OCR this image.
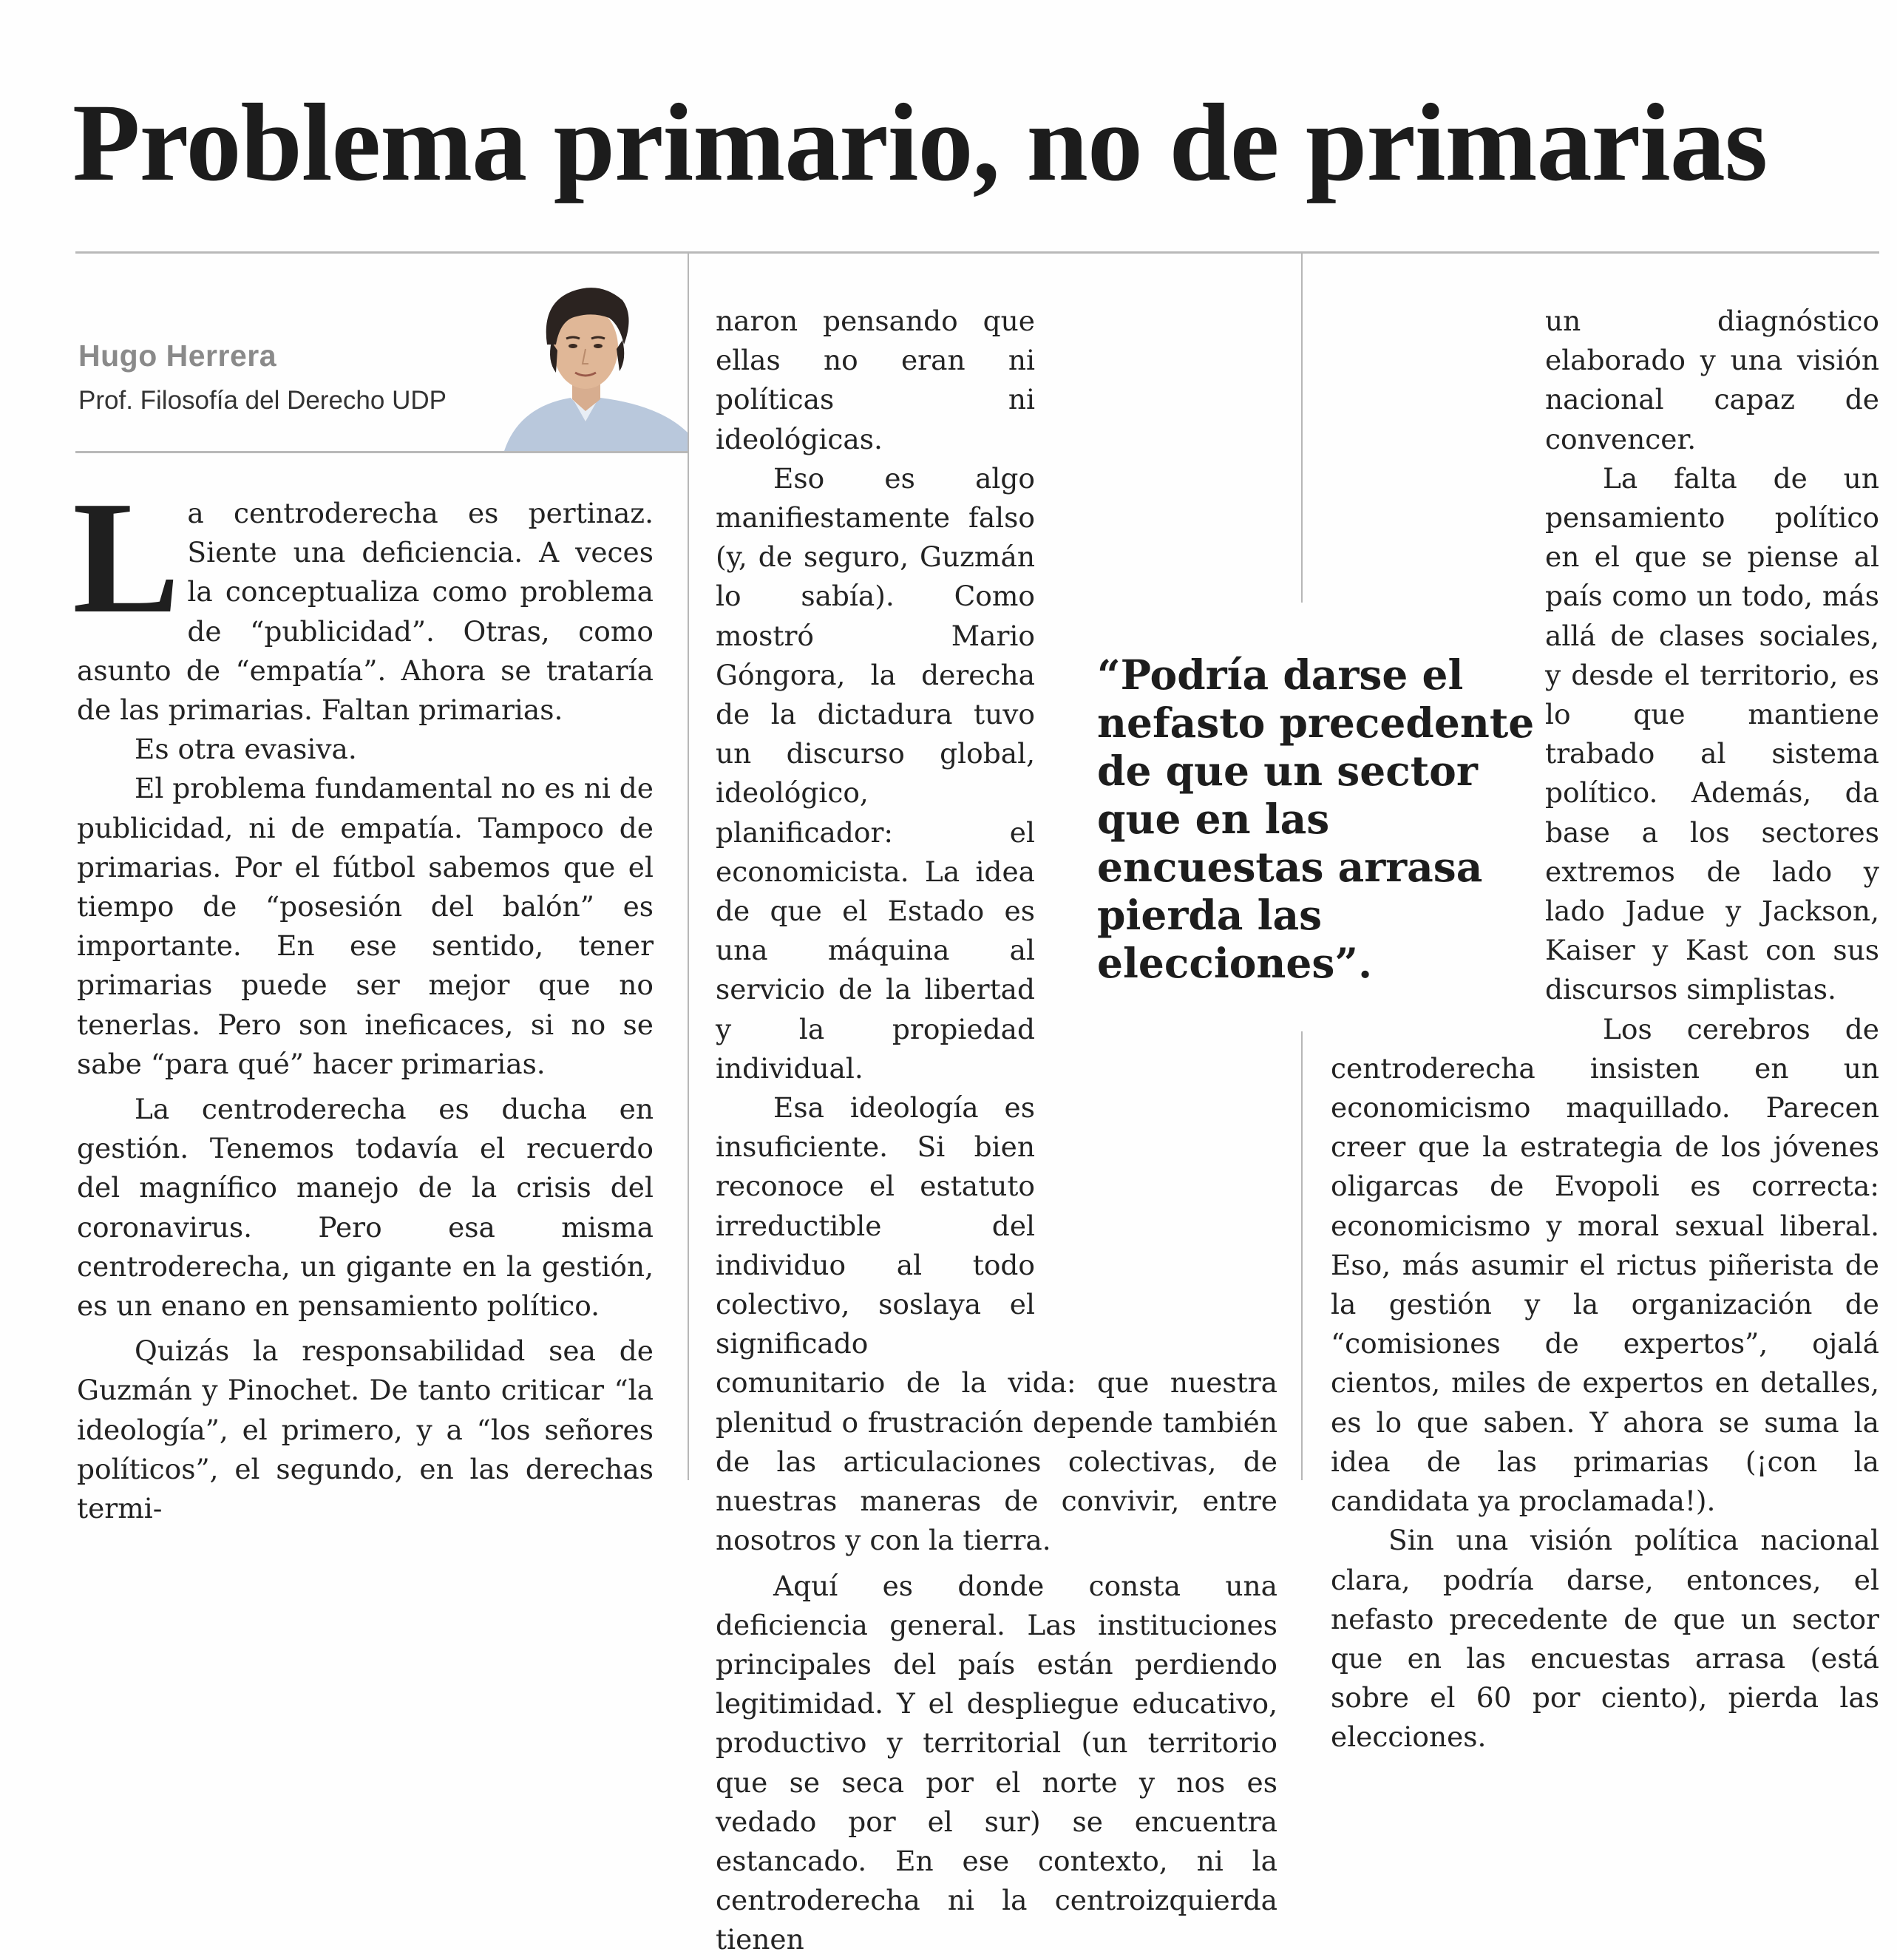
Problema primario, no de primarias
Hugo Herrera
Prof. Filosofía del Derecho UDP

La centroderecha es pertinaz. Siente una deficiencia. A veces la conceptualiza como problema de “publicidad”. Otras, como asunto de “empatía”. Ahora se trataría de las primarias. Faltan primarias.

Es otra evasiva.

El problema fundamental no es ni de publicidad, ni de empatía. Tampoco de primarias. Por el fútbol sabemos que el tiempo de “posesión del balón” es importante. En ese sentido, tener primarias puede ser mejor que no tenerlas. Pero son ineficaces, si no se sabe “para qué” hacer primarias.

La centroderecha es ducha en gestión. Tenemos todavía el recuerdo del magnífico manejo de la crisis del coronavirus. Pero esa misma centroderecha, un gigante en la gestión, es un enano en pensamiento político.

Quizás la responsabilidad sea de Guzmán y Pinochet. De tanto criticar “la ideología”, el primero, y a “los señores políticos”, el segundo, en las derechas termi-

naron pensando que ellas no eran ni políticas ni ideológicas.

Eso es algo manifiestamente falso (y, de seguro, Guzmán lo sabía). Como mostró Mario Góngora, la derecha de la dictadura tuvo un discurso global, ideológico, planificador: el economicista. La idea de que el Estado es una máquina al servicio de la libertad y la propiedad individual.

Esa ideología es insuficiente. Si bien reconoce el estatuto irreductible del individuo al todo colectivo, soslaya el significado comunitario de la vida: que nuestra plenitud o frustración depende también de las articulaciones colectivas, de nuestras maneras de convivir, entre nosotros y con la tierra.

Aquí es donde consta una deficiencia general. Las instituciones principales del país están perdiendo legitimidad. Y el despliegue educativo, productivo y territorial (un territorio que se seca por el norte y nos es vedado por el sur) se encuentra estancado. En ese contexto, ni la centroderecha ni la centroizquierda tienen

un diagnóstico elaborado y una visión nacional capaz de convencer.

La falta de un pensamiento político en el que se piense al país como un todo, más allá de clases sociales, y desde el territorio, es lo que mantiene trabado al sistema político. Además, da base a los sectores extremos de lado y lado Jadue y Jackson, Kaiser y Kast con sus discursos simplistas.

Los cerebros de centroderecha insisten en un economicismo maquillado. Parecen creer que la estrategia de los jóvenes oligarcas de Evopoli es correcta: economicismo y moral sexual liberal. Eso, más asumir el rictus piñerista de la gestión y la organización de “comisiones de expertos”, ojalá cientos, miles de expertos en detalles, es lo que saben. Y ahora se suma la idea de las primarias (¡con la candidata ya proclamada!).

Sin una visión política nacional clara, podría darse, entonces, el nefasto precedente de que un sector que en las encuestas arrasa (está sobre el 60 por ciento), pierda las elecciones.

“Podría darse el
nefasto precedente
de que un sector
que en las
encuestas arrasa
pierda las
elecciones”.
